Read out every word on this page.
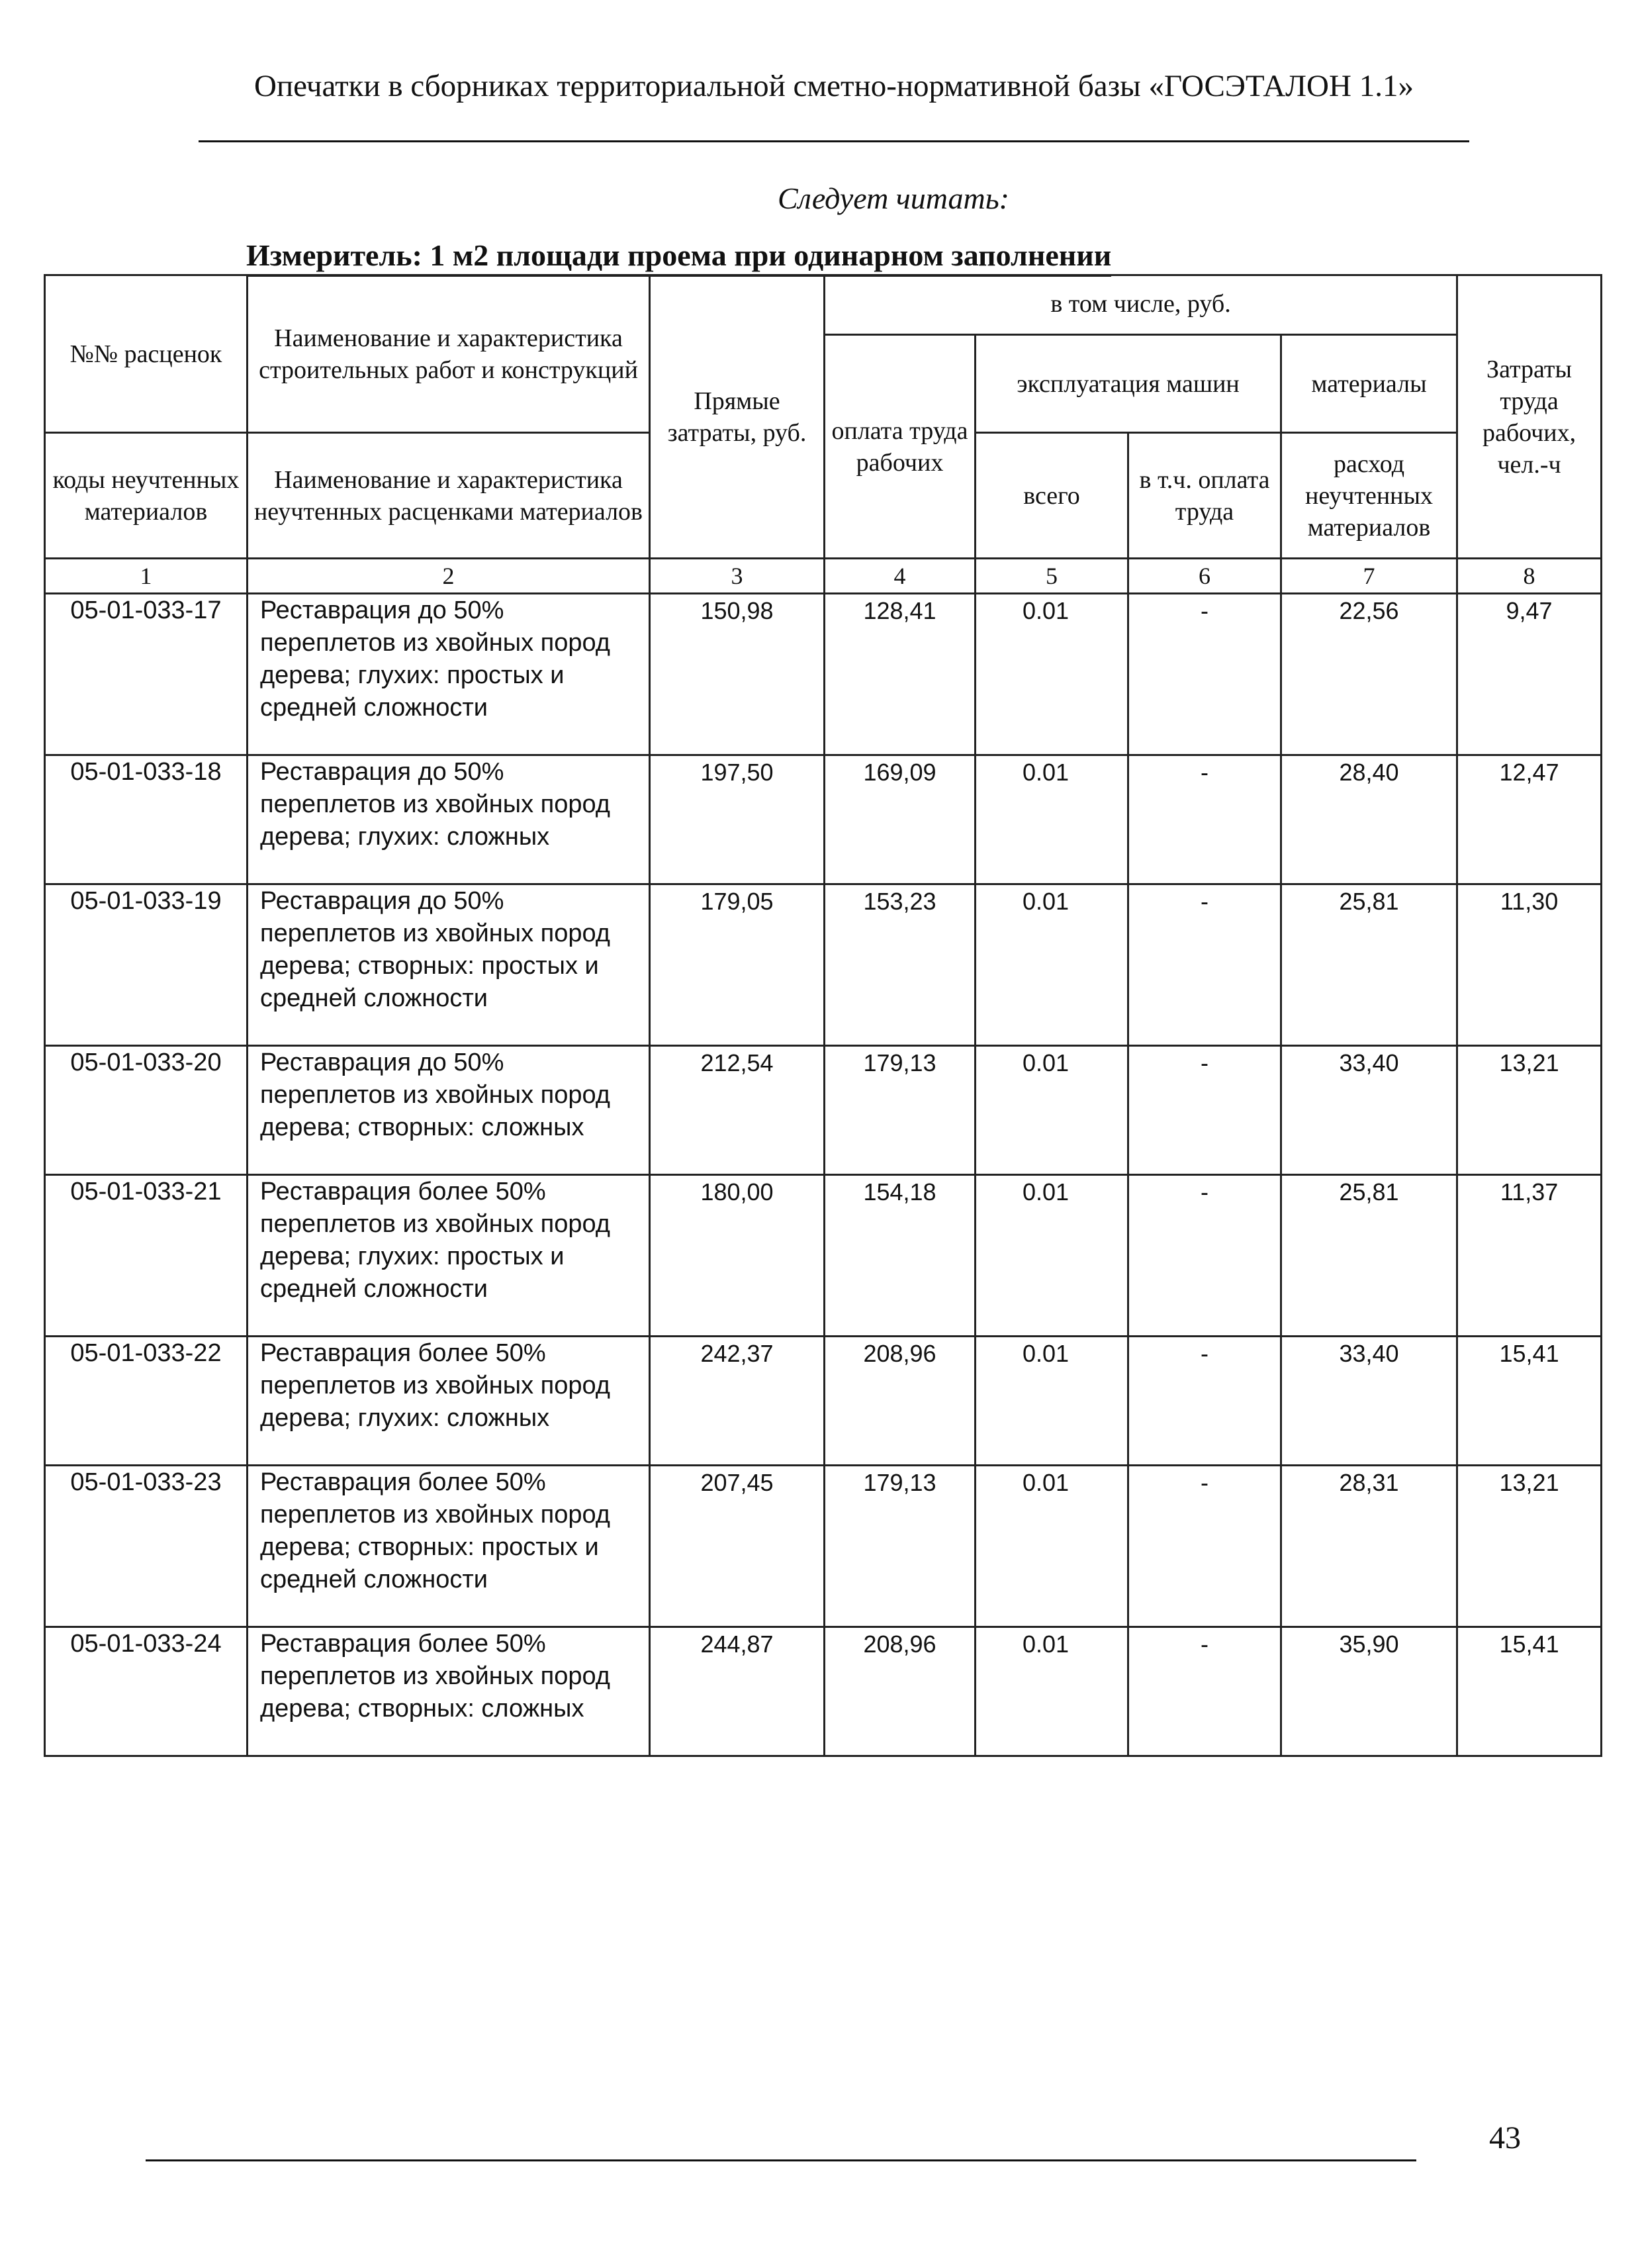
Опечатки в сборниках территориальной сметно-нормативной базы «ГОСЭТАЛОН 1.1»
Следует читать:
Измеритель: 1 м2 площади проема при одинарном заполнении
№№ расценок	Наименование и характеристика строительных работ и конструкций	Прямые затраты, руб.	в том числе, руб.				Затраты труда рабочих, чел.-ч
			оплата труда рабочих	эксплуатация машин		материалы	
коды неучтенных материалов	Наименование и характеристика неучтенных расценками материалов			всего	в т.ч. оплата труда	расход неучтенных материалов	

1	2	3	4	5	6	7	8
05-01-033-17	Реставрация до 50% переплетов из хвойных пород дерева; глухих: простых и средней сложности	150,98	128,41	0.01	-	22,56	9,47
05-01-033-18	Реставрация до 50% переплетов из хвойных пород дерева; глухих: сложных	197,50	169,09	0.01	-	28,40	12,47
05-01-033-19	Реставрация до 50% переплетов из хвойных пород дерева; створных: простых и средней сложности	179,05	153,23	0.01	-	25,81	11,30
05-01-033-20	Реставрация до 50% переплетов из хвойных пород дерева; створных: сложных	212,54	179,13	0.01	-	33,40	13,21
05-01-033-21	Реставрация более 50% переплетов из хвойных пород дерева; глухих: простых и средней сложности	180,00	154,18	0.01	-	25,81	11,37
05-01-033-22	Реставрация более 50% переплетов из хвойных пород дерева; глухих: сложных	242,37	208,96	0.01	-	33,40	15,41
05-01-033-23	Реставрация более 50% переплетов из хвойных пород дерева; створных: простых и средней сложности	207,45	179,13	0.01	-	28,31	13,21
05-01-033-24	Реставрация более 50% переплетов из хвойных пород дерева; створных: сложных	244,87	208,96	0.01	-	35,90	15,41
43
